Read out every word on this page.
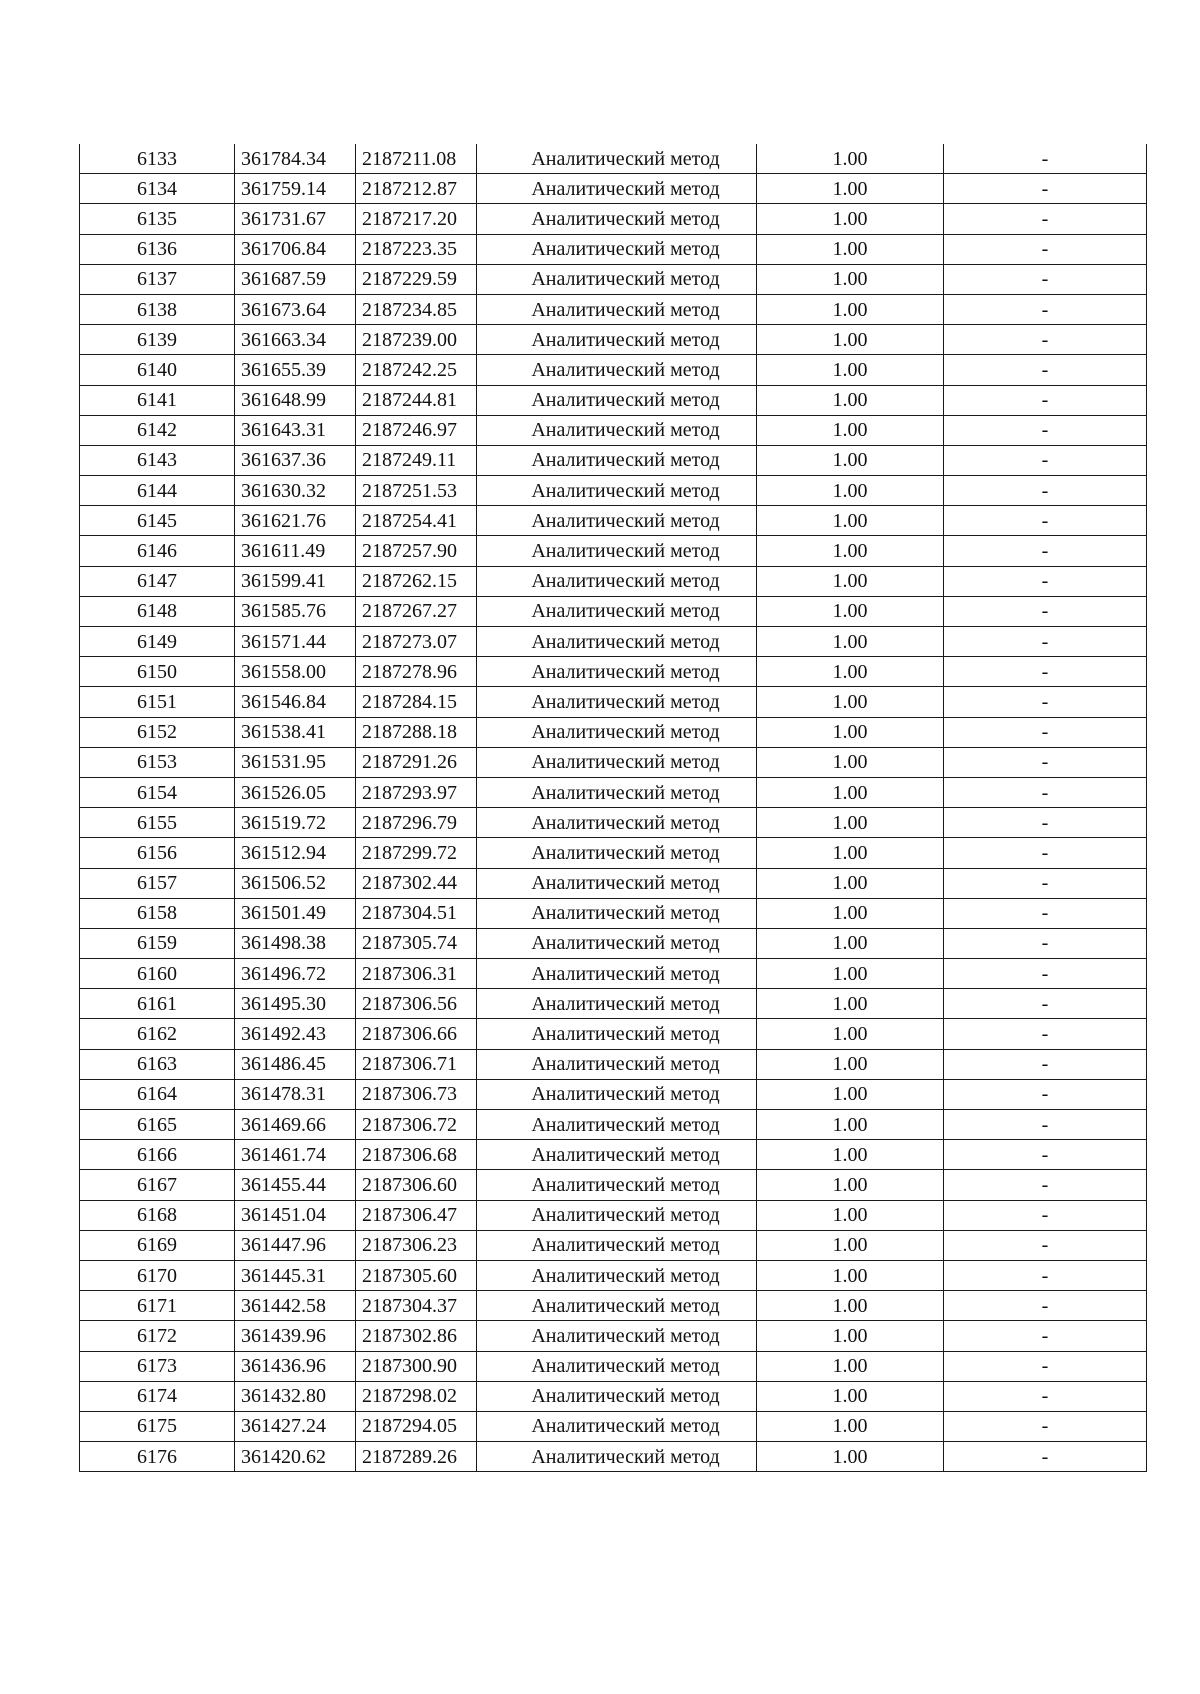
6133	361784.34	2187211.08	Аналитический метод	1.00	-
6134	361759.14	2187212.87	Аналитический метод	1.00	-
6135	361731.67	2187217.20	Аналитический метод	1.00	-
6136	361706.84	2187223.35	Аналитический метод	1.00	-
6137	361687.59	2187229.59	Аналитический метод	1.00	-
6138	361673.64	2187234.85	Аналитический метод	1.00	-
6139	361663.34	2187239.00	Аналитический метод	1.00	-
6140	361655.39	2187242.25	Аналитический метод	1.00	-
6141	361648.99	2187244.81	Аналитический метод	1.00	-
6142	361643.31	2187246.97	Аналитический метод	1.00	-
6143	361637.36	2187249.11	Аналитический метод	1.00	-
6144	361630.32	2187251.53	Аналитический метод	1.00	-
6145	361621.76	2187254.41	Аналитический метод	1.00	-
6146	361611.49	2187257.90	Аналитический метод	1.00	-
6147	361599.41	2187262.15	Аналитический метод	1.00	-
6148	361585.76	2187267.27	Аналитический метод	1.00	-
6149	361571.44	2187273.07	Аналитический метод	1.00	-
6150	361558.00	2187278.96	Аналитический метод	1.00	-
6151	361546.84	2187284.15	Аналитический метод	1.00	-
6152	361538.41	2187288.18	Аналитический метод	1.00	-
6153	361531.95	2187291.26	Аналитический метод	1.00	-
6154	361526.05	2187293.97	Аналитический метод	1.00	-
6155	361519.72	2187296.79	Аналитический метод	1.00	-
6156	361512.94	2187299.72	Аналитический метод	1.00	-
6157	361506.52	2187302.44	Аналитический метод	1.00	-
6158	361501.49	2187304.51	Аналитический метод	1.00	-
6159	361498.38	2187305.74	Аналитический метод	1.00	-
6160	361496.72	2187306.31	Аналитический метод	1.00	-
6161	361495.30	2187306.56	Аналитический метод	1.00	-
6162	361492.43	2187306.66	Аналитический метод	1.00	-
6163	361486.45	2187306.71	Аналитический метод	1.00	-
6164	361478.31	2187306.73	Аналитический метод	1.00	-
6165	361469.66	2187306.72	Аналитический метод	1.00	-
6166	361461.74	2187306.68	Аналитический метод	1.00	-
6167	361455.44	2187306.60	Аналитический метод	1.00	-
6168	361451.04	2187306.47	Аналитический метод	1.00	-
6169	361447.96	2187306.23	Аналитический метод	1.00	-
6170	361445.31	2187305.60	Аналитический метод	1.00	-
6171	361442.58	2187304.37	Аналитический метод	1.00	-
6172	361439.96	2187302.86	Аналитический метод	1.00	-
6173	361436.96	2187300.90	Аналитический метод	1.00	-
6174	361432.80	2187298.02	Аналитический метод	1.00	-
6175	361427.24	2187294.05	Аналитический метод	1.00	-
6176	361420.62	2187289.26	Аналитический метод	1.00	-
